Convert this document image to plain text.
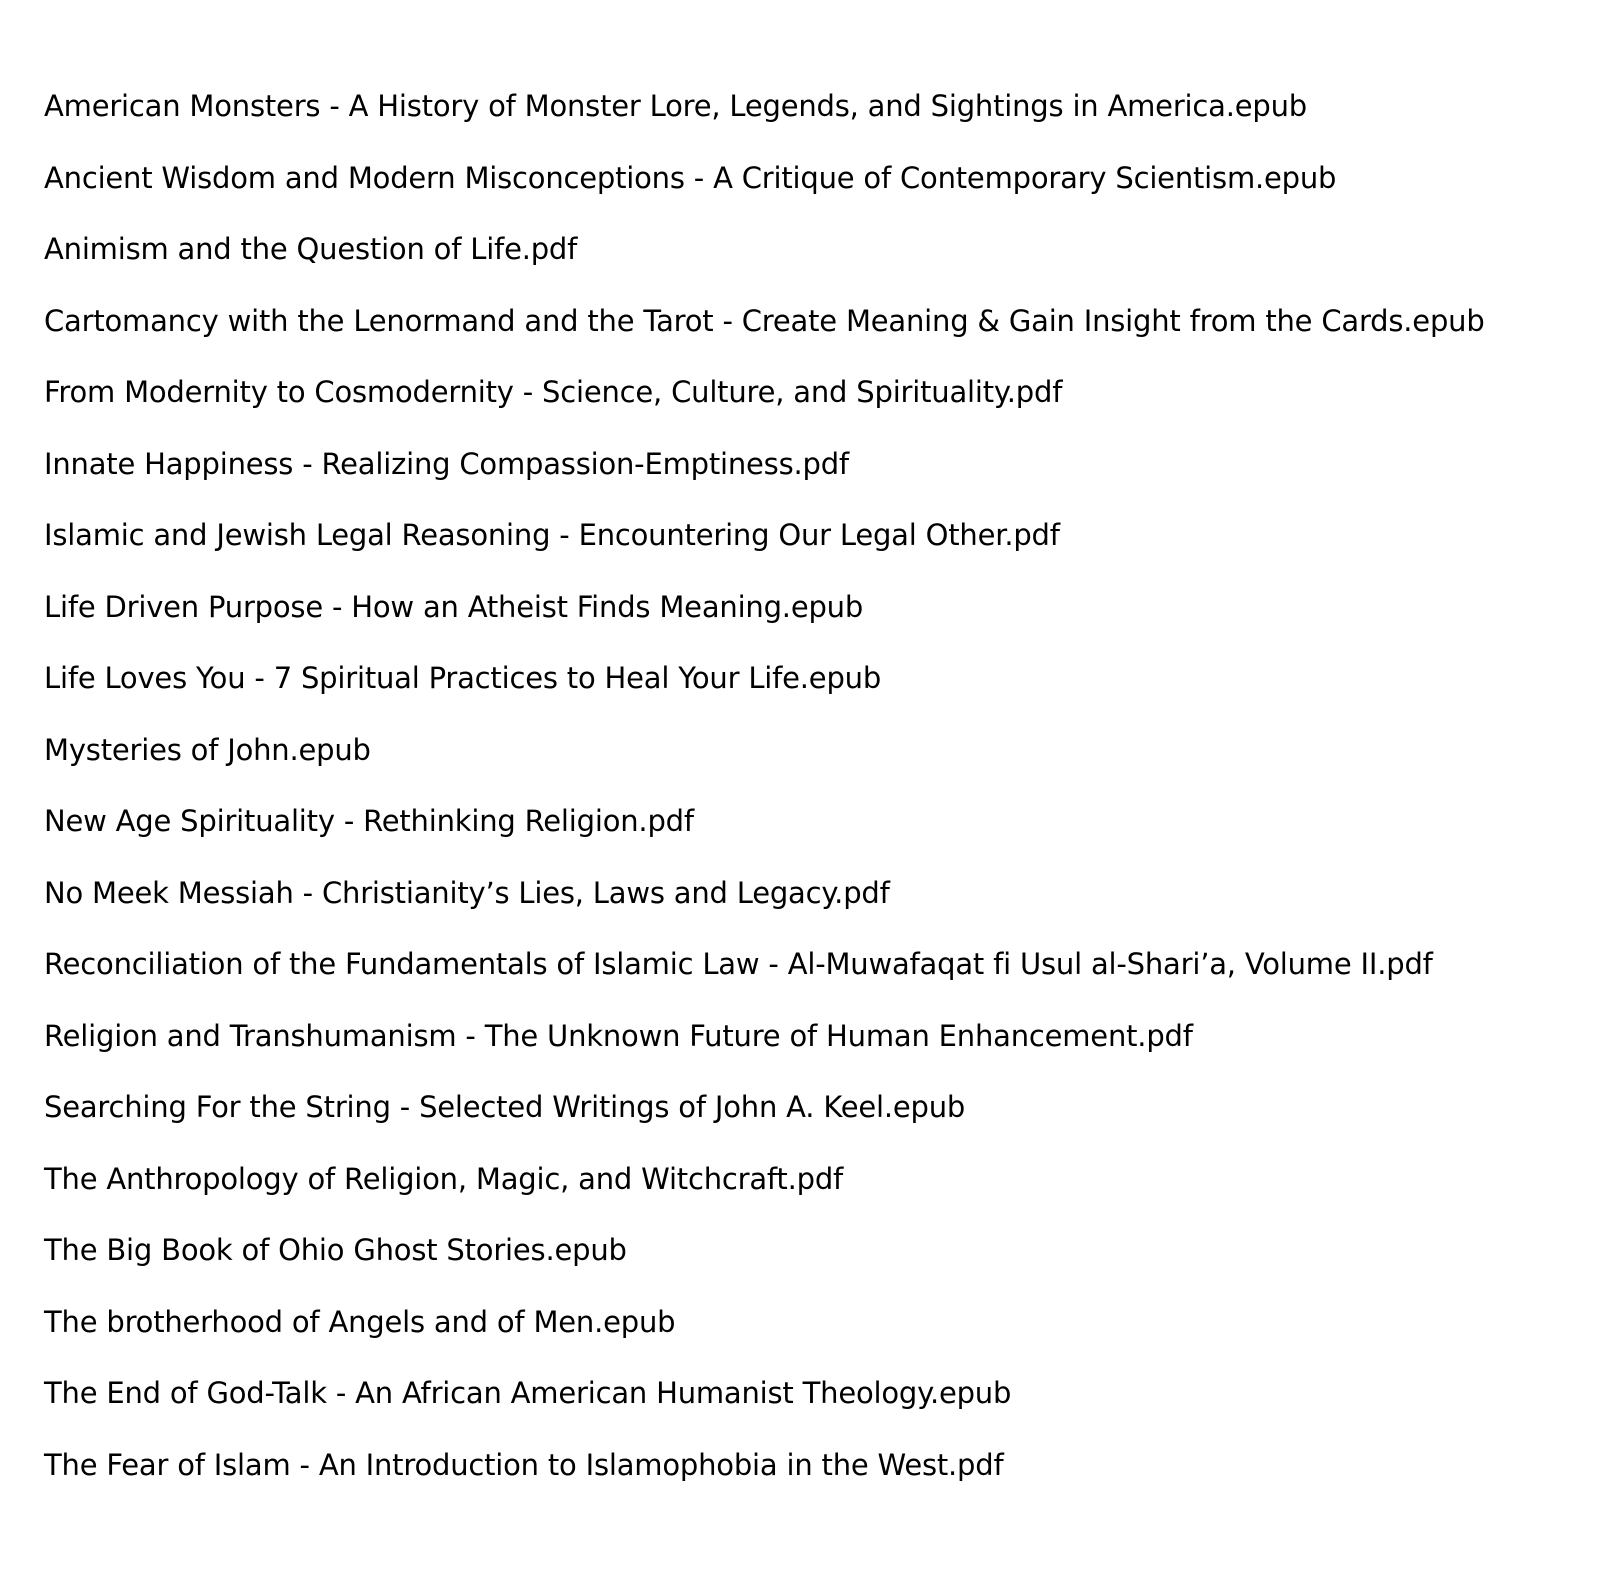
American Monsters - A History of Monster Lore, Legends, and Sightings in America.epub
Ancient Wisdom and Modern Misconceptions - A Critique of Contemporary Scientism.epub
Animism and the Question of Life.pdf
Cartomancy with the Lenormand and the Tarot - Create Meaning & Gain Insight from the Cards.epub
From Modernity to Cosmodernity - Science, Culture, and Spirituality.pdf
Innate Happiness - Realizing Compassion-Emptiness.pdf
Islamic and Jewish Legal Reasoning - Encountering Our Legal Other.pdf
Life Driven Purpose - How an Atheist Finds Meaning.epub
Life Loves You - 7 Spiritual Practices to Heal Your Life.epub
Mysteries of John.epub
New Age Spirituality - Rethinking Religion.pdf
No Meek Messiah - Christianity’s Lies, Laws and Legacy.pdf
Reconciliation of the Fundamentals of Islamic Law - Al-Muwafaqat fi Usul al-Shari’a, Volume II.pdf
Religion and Transhumanism - The Unknown Future of Human Enhancement.pdf
Searching For the String - Selected Writings of John A. Keel.epub
The Anthropology of Religion, Magic, and Witchcraft.pdf
The Big Book of Ohio Ghost Stories.epub
The brotherhood of Angels and of Men.epub
The End of God-Talk - An African American Humanist Theology.epub
The Fear of Islam - An Introduction to Islamophobia in the West.pdf
